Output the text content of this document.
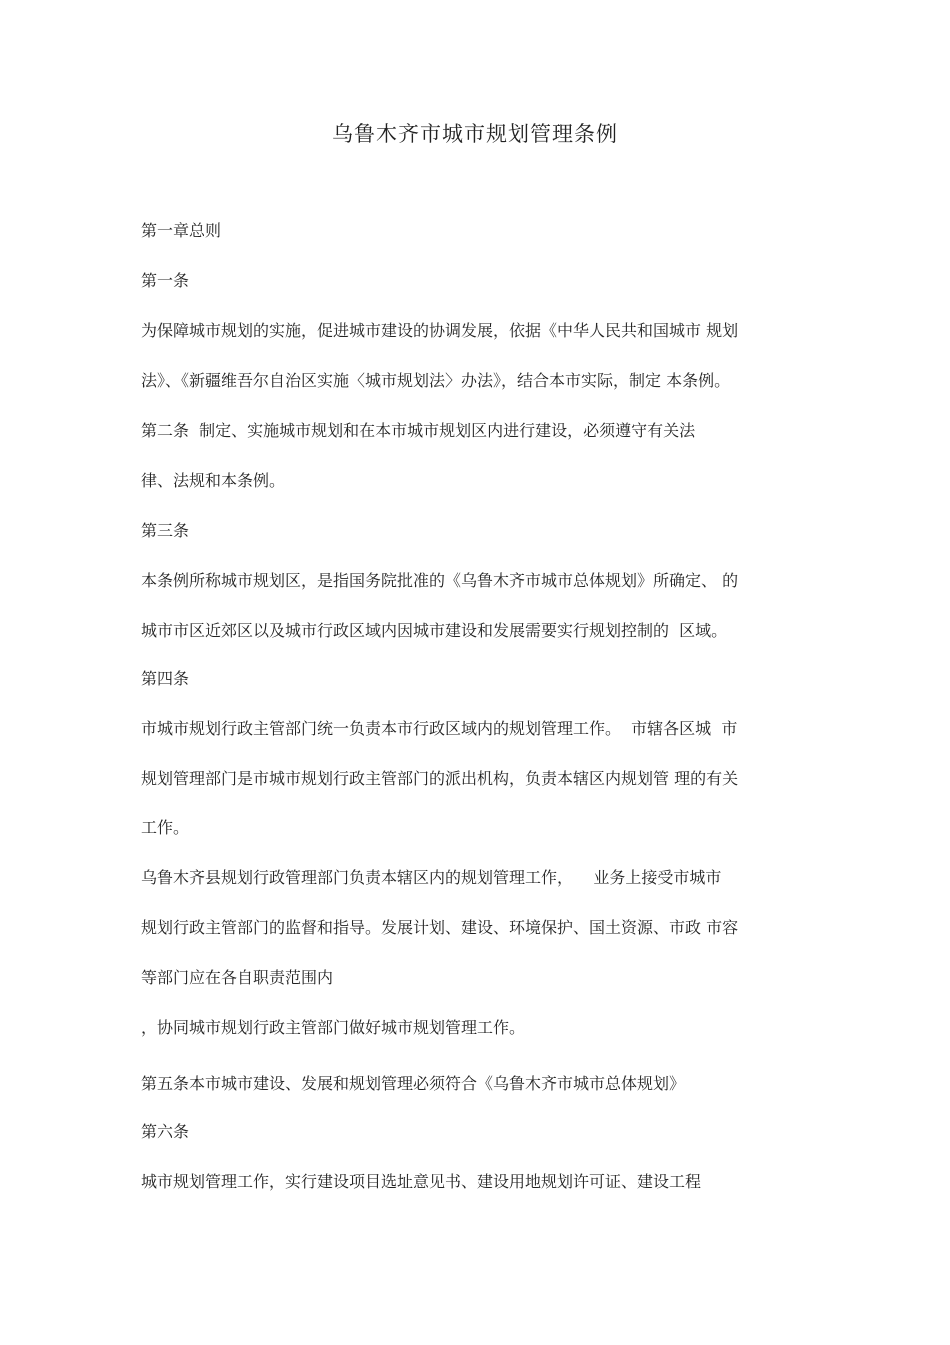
乌鲁木齐市城市规划管理条例

第一章总则

第一条

为保障城市规划的实施，促进城市建设的协调发展，依据《中华人民共和国城市 规划

法》、《新疆维吾尔自治区实施〈城市规划法〉办法》，结合本市实际，制定 本条例。

第二条  制定、实施城市规划和在本市城市规划区内进行建设，必须遵守有关法

律、法规和本条例。

第三条

本条例所称城市规划区，是指国务院批准的《乌鲁木齐市城市总体规划》所确定、 的

城市市区近郊区以及城市行政区域内因城市建设和发展需要实行规划控制的  区域。

第四条

市城市规划行政主管部门统一负责本市行政区域内的规划管理工作。  市辖各区城  市

规划管理部门是市城市规划行政主管部门的派出机构，负责本辖区内规划管 理的有关

工作。

乌鲁木齐县规划行政管理部门负责本辖区内的规划管理工作，    业务上接受市城市

规划行政主管部门的监督和指导。发展计划、建设、环境保护、国土资源、市政 市容

等部门应在各自职责范围内

，协同城市规划行政主管部门做好城市规划管理工作。

第五条本市城市建设、发展和规划管理必须符合《乌鲁木齐市城市总体规划》

第六条

城市规划管理工作，实行建设项目选址意见书、建设用地规划许可证、建设工程
